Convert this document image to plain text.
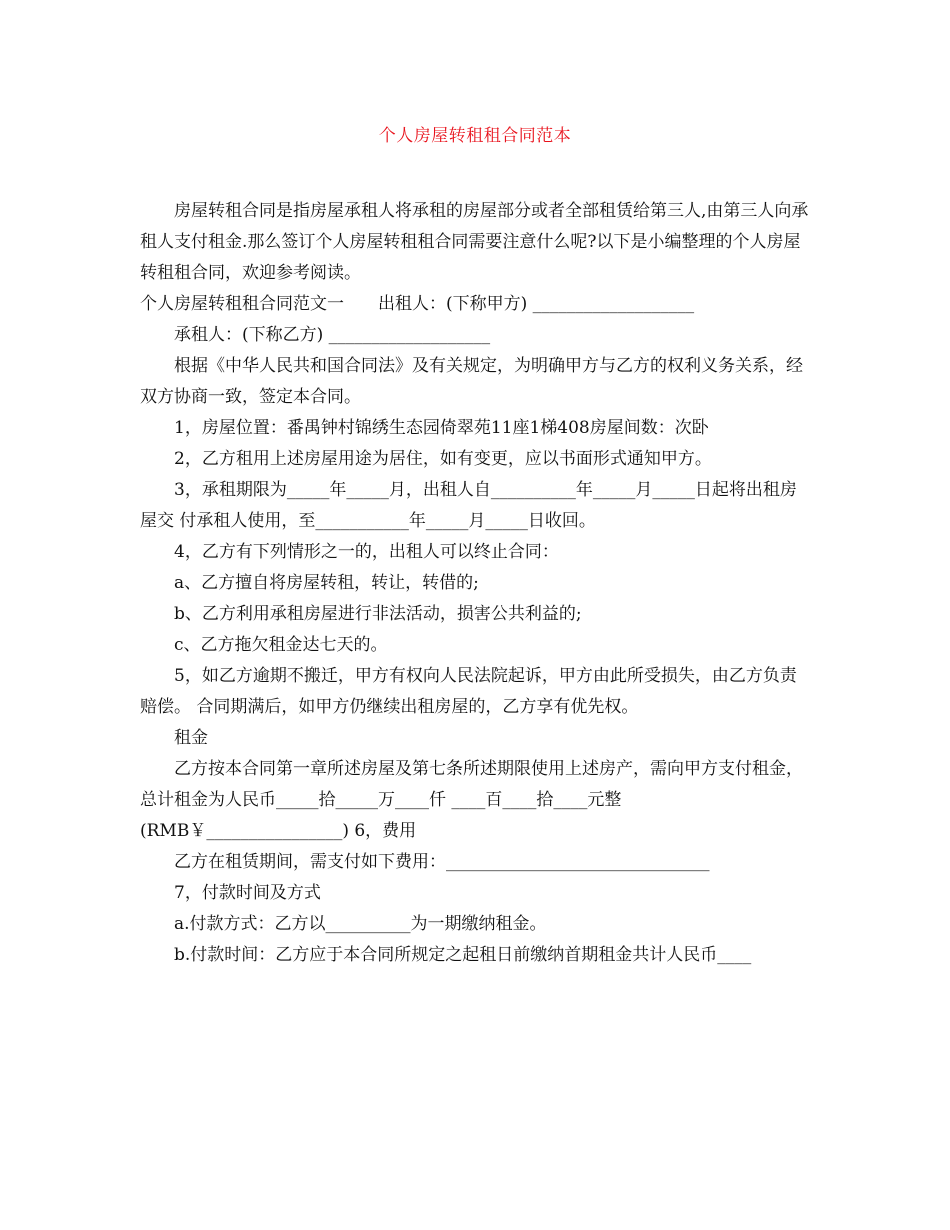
个人房屋转租租合同范本

房屋转租合同是指房屋承租人将承租的房屋部分或者全部租赁给第三人,由第三人向承租人支付租金.那么签订个人房屋转租租合同需要注意什么呢?以下是小编整理的个人房屋转租租合同，欢迎参考阅读。

个人房屋转租租合同范文一　　出租人：(下称甲方) ___________________

承租人：(下称乙方) ___________________

根据《中华人民共和国合同法》及有关规定，为明确甲方与乙方的权利义务关系，经双方协商一致，签定本合同。

1，房屋位置：番禺钟村锦绣生态园倚翠苑11座1梯408房屋间数：次卧

2，乙方租用上述房屋用途为居住，如有变更，应以书面形式通知甲方。

3，承租期限为_____年_____月，出租人自__________年_____月_____日起将出租房屋交 付承租人使用，至___________年_____月_____日收回。

4，乙方有下列情形之一的，出租人可以终止合同：

a、乙方擅自将房屋转租，转让，转借的;

b、乙方利用承租房屋进行非法活动，损害公共利益的;

c、乙方拖欠租金达七天的。

5，如乙方逾期不搬迁，甲方有权向人民法院起诉，甲方由此所受损失，由乙方负责赔偿。 合同期满后，如甲方仍继续出租房屋的，乙方享有优先权。

租金

乙方按本合同第一章所述房屋及第七条所述期限使用上述房产，需向甲方支付租金，总计租金为人民币_____拾_____万____仟 ____百____拾____元整

(RMB￥________________) 6，费用

乙方在租赁期间，需支付如下费用：_______________________________

7，付款时间及方式

a.付款方式：乙方以__________为一期缴纳租金。

b.付款时间：乙方应于本合同所规定之起租日前缴纳首期租金共计人民币____
